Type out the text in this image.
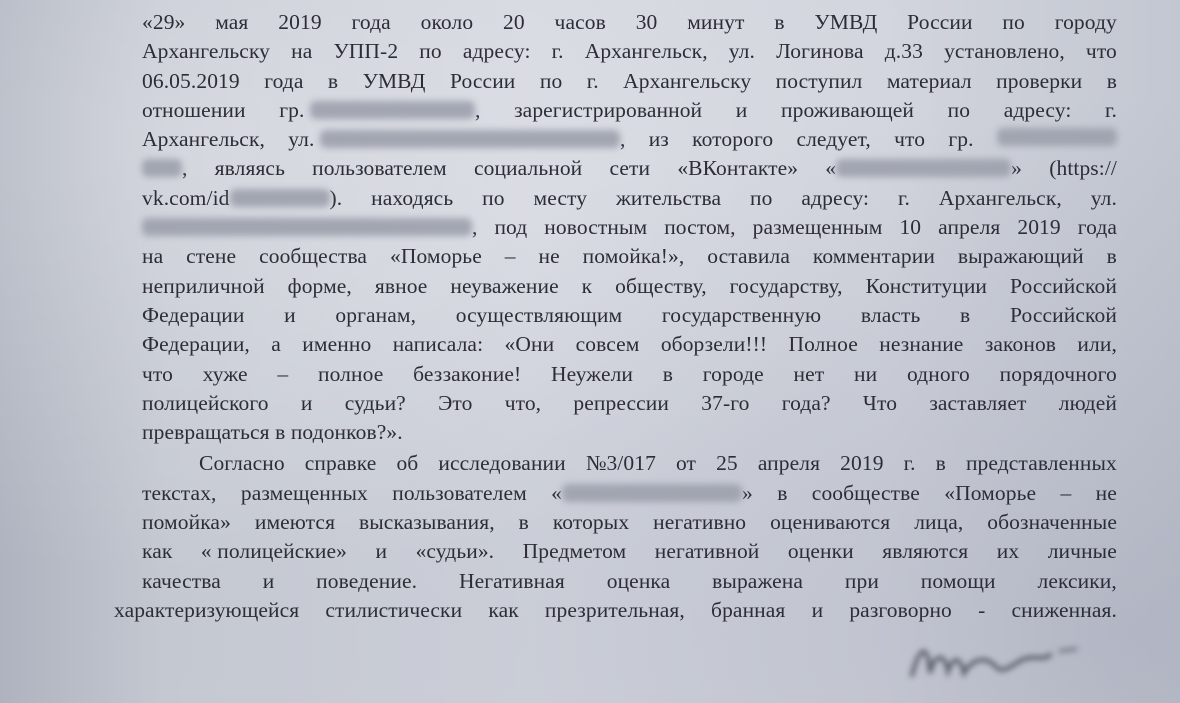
«29» мая 2019 года около 20 часов 30 минут в УМВД России по городу
Архангельску на УПП-2 по адресу: г. Архангельск, ул. Логинова д.33 установлено, что
06.05.2019 года в УМВД России по г. Архангельску поступил материал проверки в
отношении гр.	, зарегистрированной и проживающей по адресу: г.
Архангельск, ул.	, из которого следует, что гр.
, являясь пользователем социальной сети «ВКонтакте» «	» (https://
vk.com/id	). находясь по месту жительства по адресу: г. Архангельск, ул.
, под новостным постом, размещенным 10 апреля 2019 года
на стене сообщества «Поморье – не помойка!», оставила комментарии выражающий в
неприличной форме, явное неуважение к обществу, государству, Конституции Российской
Федерации и органам, осуществляющим государственную власть в Российской
Федерации, а именно написала: «Они совсем оборзели!!! Полное незнание законов или,
что хуже – полное беззаконие! Неужели в городе нет ни одного порядочного
полицейского и судьи? Это что, репрессии 37-го года? Что заставляет людей
превращаться в подонков?».
Согласно справке об исследовании №3/017 от 25 апреля 2019 г. в представленных
текстах, размещенных пользователем «	» в сообществе «Поморье – не
помойка» имеются высказывания, в которых негативно оцениваются лица, обозначенные
как « полицейские» и «судьи». Предметом негативной оценки являются их личные
качества и поведение. Негативная оценка выражена при помощи лексики,
характеризующейся стилистически как презрительная, бранная и разговорно - сниженная.
